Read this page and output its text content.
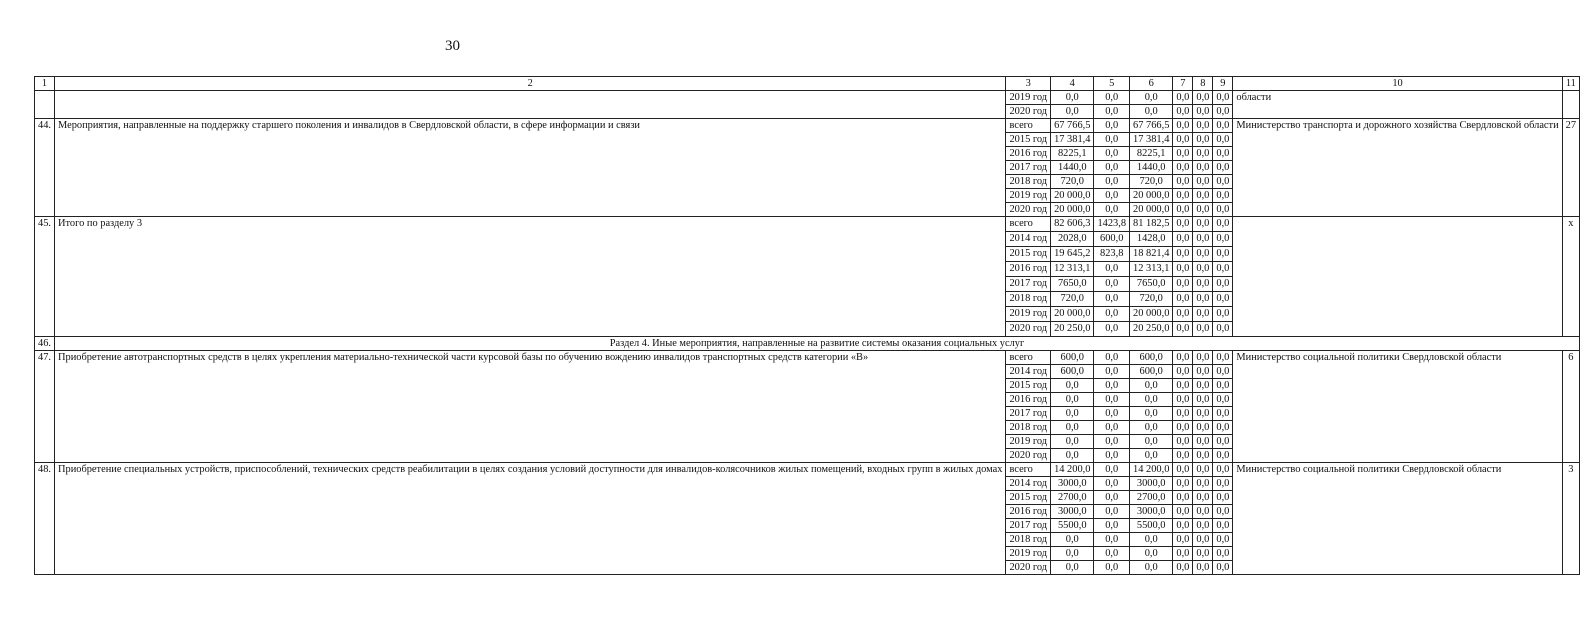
30
1	2	3	4	5	6	7	8	9	10	11
		2019 год	0,0	0,0	0,0	0,0	0,0	0,0	области	
		2020 год	0,0	0,0	0,0	0,0	0,0	0,0		
44.	Мероприятия, направленные на поддержку старшего поколения и инвалидов в Свердловской области, в сфере информации и связи	всего	67 766,5	0,0	67 766,5	0,0	0,0	0,0	Министерство транспорта и дорожного хозяйства Свердловской области	27
		2015 год	17 381,4	0,0	17 381,4	0,0	0,0	0,0		
		2016 год	8225,1	0,0	8225,1	0,0	0,0	0,0		
		2017 год	1440,0	0,0	1440,0	0,0	0,0	0,0		
		2018 год	720,0	0,0	720,0	0,0	0,0	0,0		
		2019 год	20 000,0	0,0	20 000,0	0,0	0,0	0,0		
		2020 год	20 000,0	0,0	20 000,0	0,0	0,0	0,0		
45.	Итого по разделу 3	всего	82 606,3	1423,8	81 182,5	0,0	0,0	0,0		x
		2014 год	2028,0	600,0	1428,0	0,0	0,0	0,0		
		2015 год	19 645,2	823,8	18 821,4	0,0	0,0	0,0		
		2016 год	12 313,1	0,0	12 313,1	0,0	0,0	0,0		
		2017 год	7650,0	0,0	7650,0	0,0	0,0	0,0		
		2018 год	720,0	0,0	720,0	0,0	0,0	0,0		
		2019 год	20 000,0	0,0	20 000,0	0,0	0,0	0,0		
		2020 год	20 250,0	0,0	20 250,0	0,0	0,0	0,0		
46.	Раздел 4. Иные мероприятия, направленные на развитие системы оказания социальных услуг									
47.	Приобретение автотранспортных средств в целях укрепления материально-технической части курсовой базы по обучению вождению инвалидов транспортных средств категории «В»	всего	600,0	0,0	600,0	0,0	0,0	0,0	Министерство социальной политики Свердловской области	6
		2014 год	600,0	0,0	600,0	0,0	0,0	0,0		
		2015 год	0,0	0,0	0,0	0,0	0,0	0,0		
		2016 год	0,0	0,0	0,0	0,0	0,0	0,0		
		2017 год	0,0	0,0	0,0	0,0	0,0	0,0		
		2018 год	0,0	0,0	0,0	0,0	0,0	0,0		
		2019 год	0,0	0,0	0,0	0,0	0,0	0,0		
		2020 год	0,0	0,0	0,0	0,0	0,0	0,0		
48.	Приобретение специальных устройств, приспособлений, технических средств реабилитации в целях создания условий доступности для инвалидов-колясочников жилых помещений, входных групп в жилых домах	всего	14 200,0	0,0	14 200,0	0,0	0,0	0,0	Министерство социальной политики Свердловской области	3
		2014 год	3000,0	0,0	3000,0	0,0	0,0	0,0		
		2015 год	2700,0	0,0	2700,0	0,0	0,0	0,0		
		2016 год	3000,0	0,0	3000,0	0,0	0,0	0,0		
		2017 год	5500,0	0,0	5500,0	0,0	0,0	0,0		
		2018 год	0,0	0,0	0,0	0,0	0,0	0,0		
		2019 год	0,0	0,0	0,0	0,0	0,0	0,0		
		2020 год	0,0	0,0	0,0	0,0	0,0	0,0		
